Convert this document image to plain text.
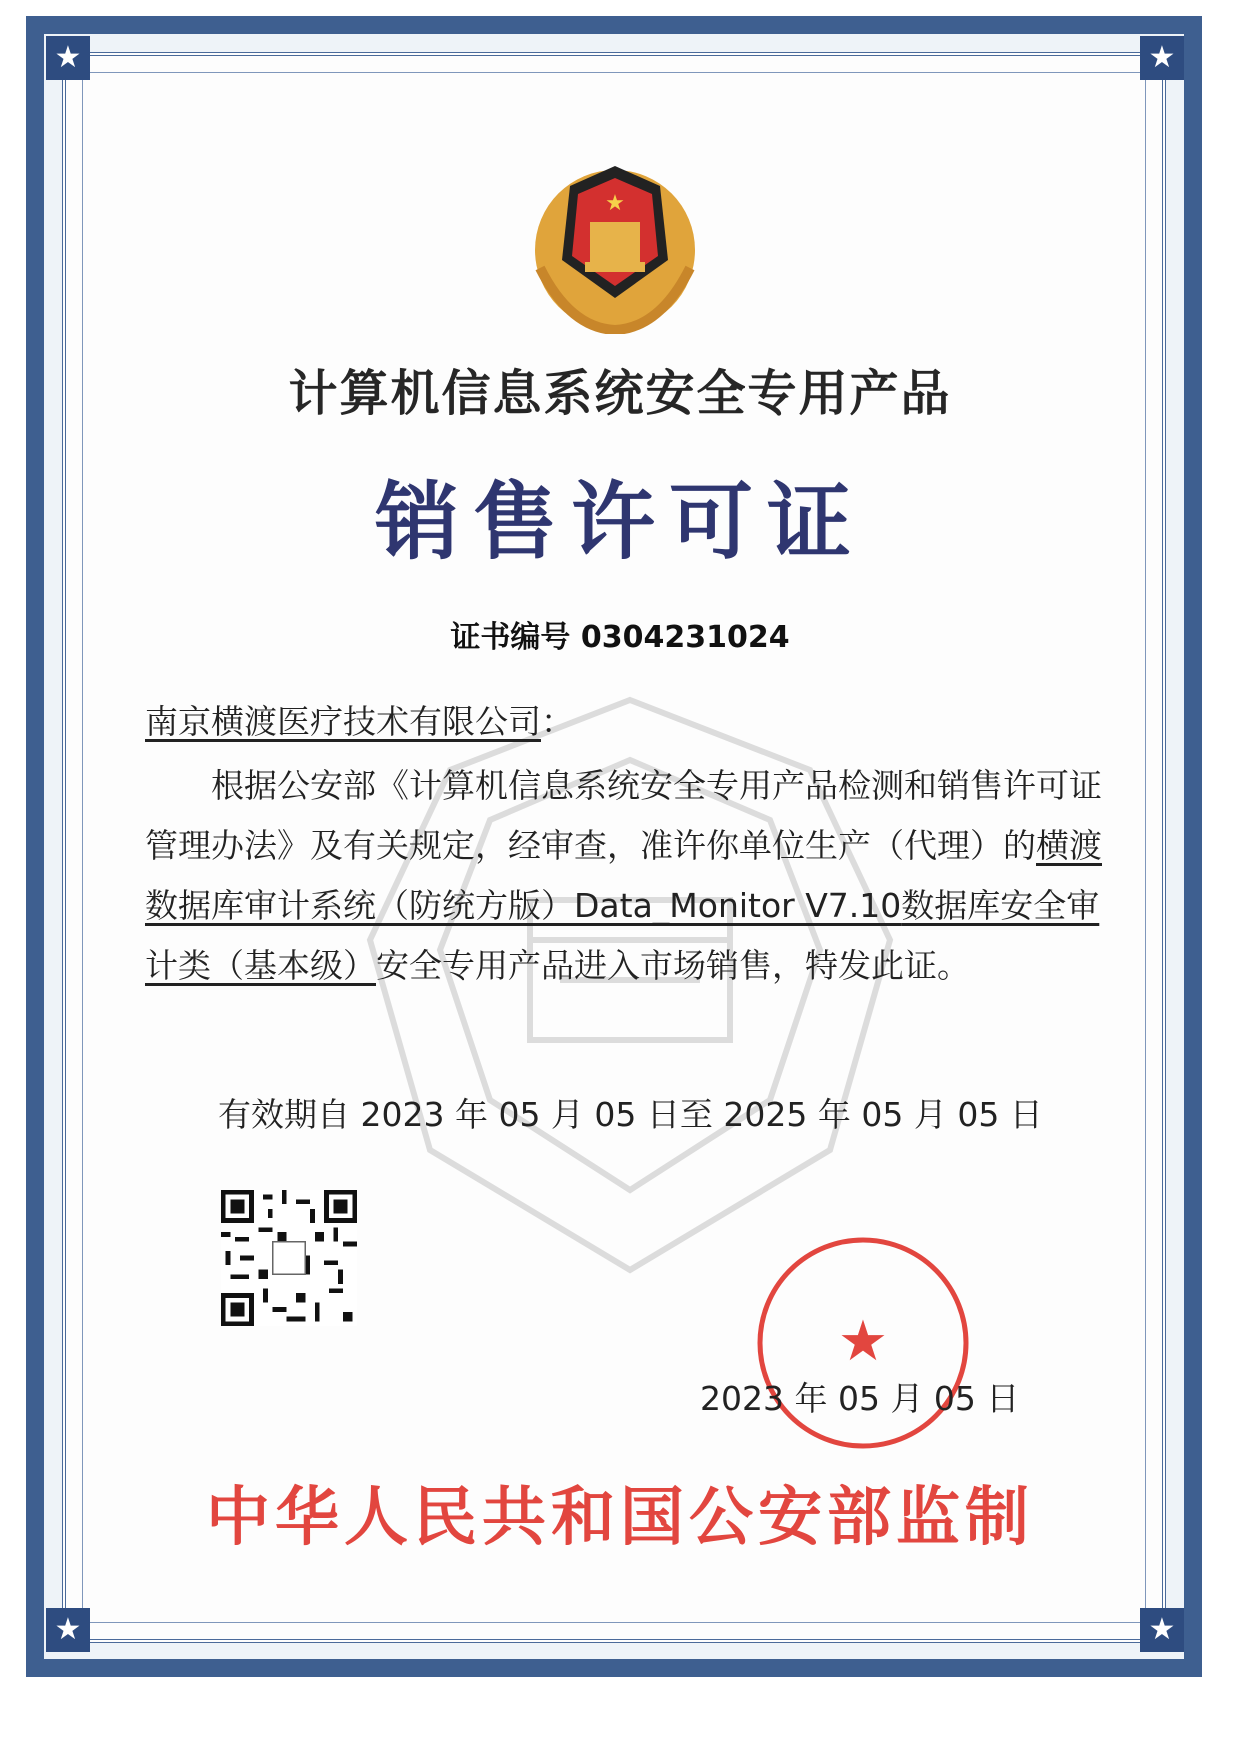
★	★
★	★
★
计算机信息系统安全专用产品
销售许可证
证书编号 0304231024
南京横渡医疗技术有限公司：
根据公安部《计算机信息系统安全专用产品检测和销售许可证管理办法》及有关规定，经审查，准许你单位生产（代理）的横渡数据库审计系统（防统方版）Data_Monitor V7.10数据库安全审计类（基本级）安全专用产品进入市场销售，特发此证。
有效期自 2023 年 05 月 05 日至 2025 年 05 月 05 日
★
2023 年 05 月 05 日
中华人民共和国公安部监制
